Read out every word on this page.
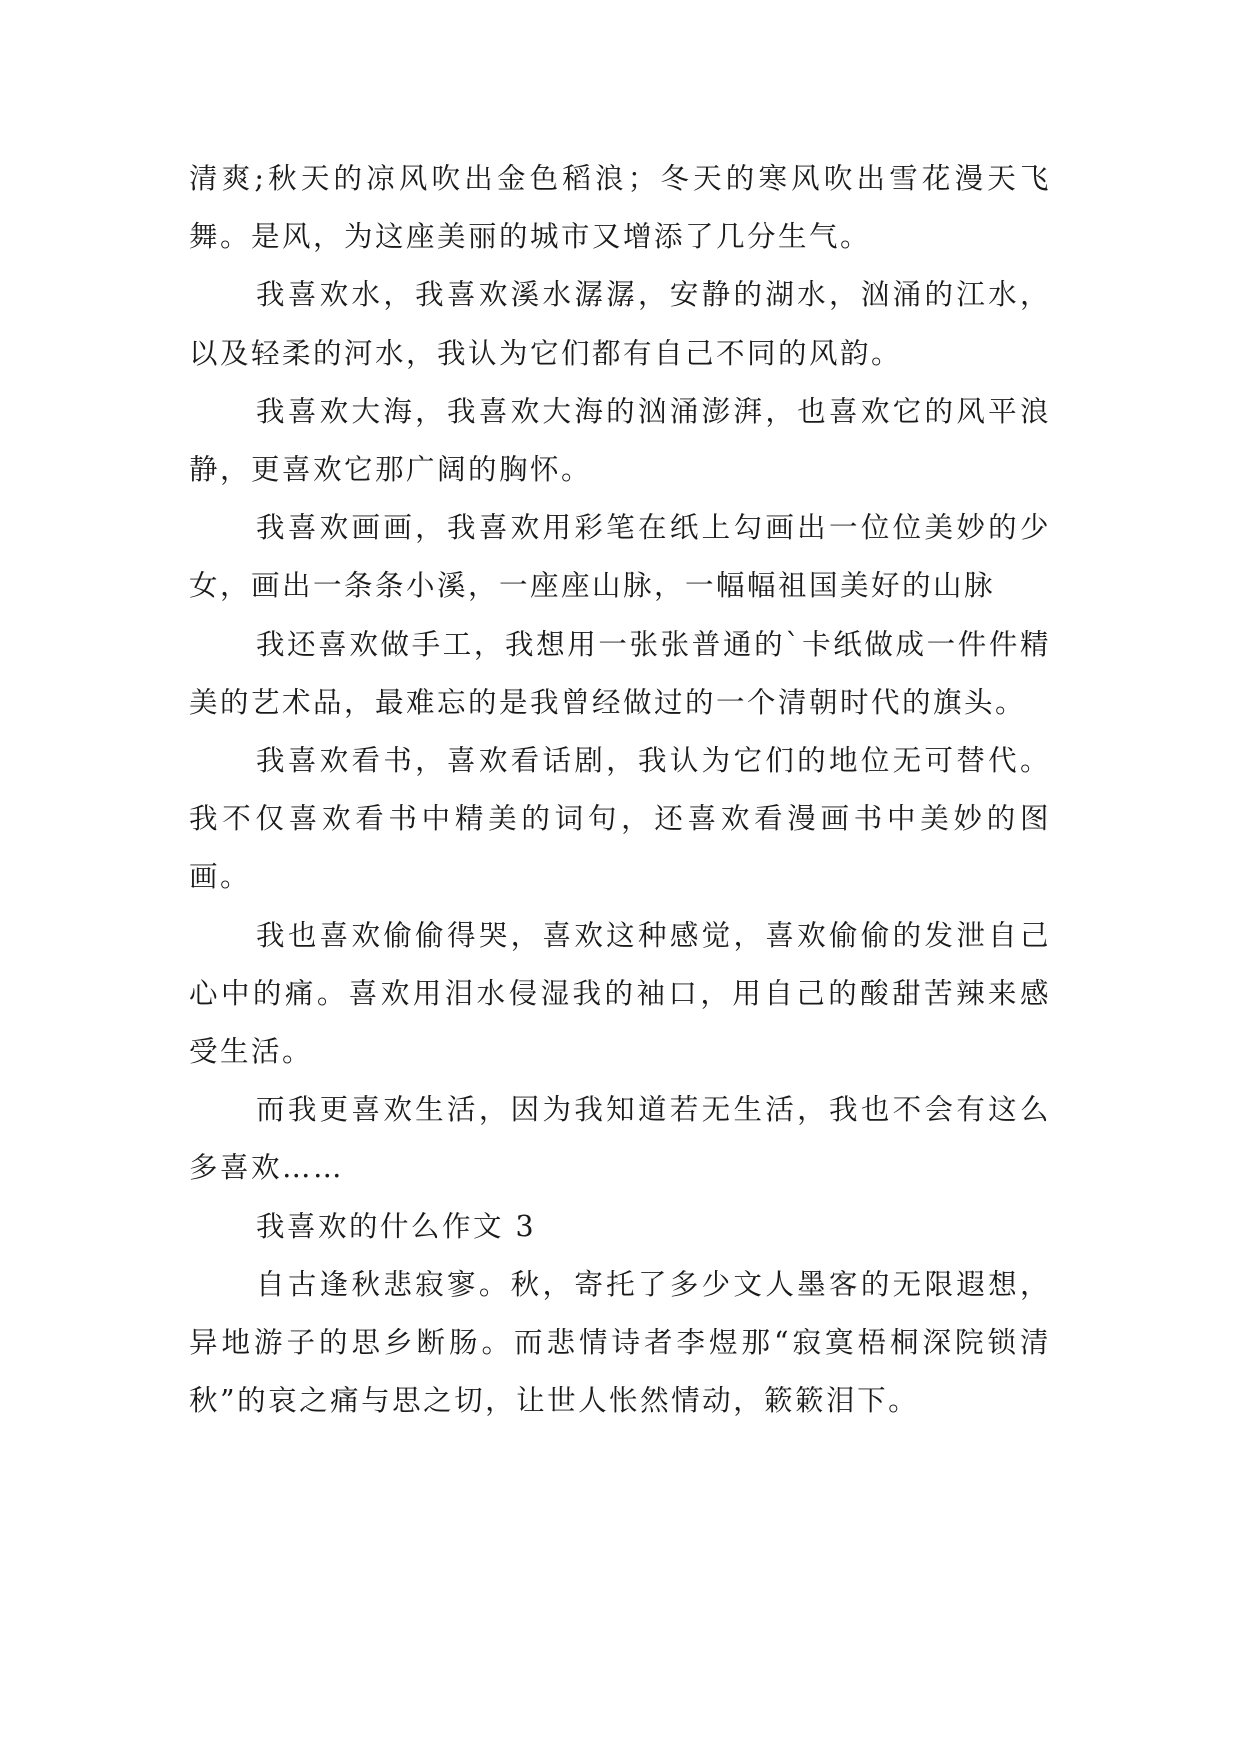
清爽;秋天的凉风吹出金色稻浪；冬天的寒风吹出雪花漫天飞舞。是风，为这座美丽的城市又增添了几分生气。

我喜欢水，我喜欢溪水潺潺，安静的湖水，汹涌的江水，以及轻柔的河水，我认为它们都有自己不同的风韵。

我喜欢大海，我喜欢大海的汹涌澎湃，也喜欢它的风平浪静，更喜欢它那广阔的胸怀。

我喜欢画画，我喜欢用彩笔在纸上勾画出一位位美妙的少女，画出一条条小溪，一座座山脉，一幅幅祖国美好的山脉

我还喜欢做手工，我想用一张张普通的`卡纸做成一件件精美的艺术品，最难忘的是我曾经做过的一个清朝时代的旗头。

我喜欢看书，喜欢看话剧，我认为它们的地位无可替代。我不仅喜欢看书中精美的词句，还喜欢看漫画书中美妙的图画。

我也喜欢偷偷得哭，喜欢这种感觉，喜欢偷偷的发泄自己心中的痛。喜欢用泪水侵湿我的袖口，用自己的酸甜苦辣来感受生活。

而我更喜欢生活，因为我知道若无生活，我也不会有这么多喜欢……

我喜欢的什么作文 3

自古逢秋悲寂寥。秋，寄托了多少文人墨客的无限遐想，异地游子的思乡断肠。而悲情诗者李煜那“寂寞梧桐深院锁清秋”的哀之痛与思之切，让世人怅然情动，簌簌泪下。
